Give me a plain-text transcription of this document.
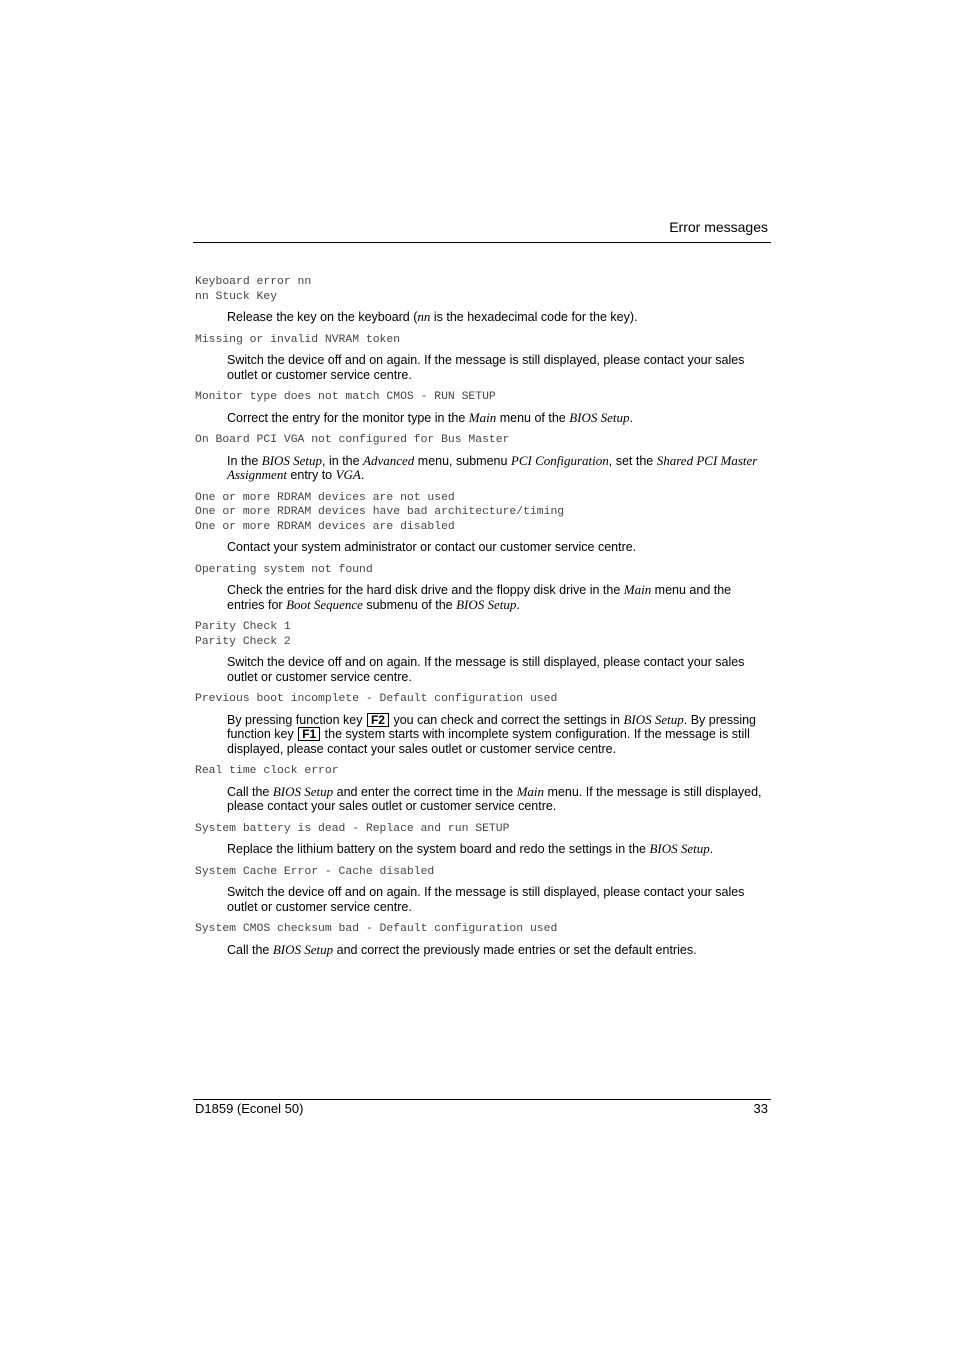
Error messages
Keyboard error nn
nn Stuck Key
Release the key on the keyboard (nn is the hexadecimal code for the key).
Missing or invalid NVRAM token
Switch the device off and on again. If the message is still displayed, please contact your sales outlet or customer service centre.
Monitor type does not match CMOS - RUN SETUP
Correct the entry for the monitor type in the Main menu of the BIOS Setup.
On Board PCI VGA not configured for Bus Master
In the BIOS Setup, in the Advanced menu, submenu PCI Configuration, set the Shared PCI Master Assignment entry to VGA.
One or more RDRAM devices are not used
One or more RDRAM devices have bad architecture/timing
One or more RDRAM devices are disabled
Contact your system administrator or contact our customer service centre.
Operating system not found
Check the entries for the hard disk drive and the floppy disk drive in the Main menu and the entries for Boot Sequence submenu of the BIOS Setup.
Parity Check 1
Parity Check 2
Switch the device off and on again. If the message is still displayed, please contact your sales outlet or customer service centre.
Previous boot incomplete - Default configuration used
By pressing function key F2 you can check and correct the settings in BIOS Setup. By pressing function key F1 the system starts with incomplete system configuration. If the message is still displayed, please contact your sales outlet or customer service centre.
Real time clock error
Call the BIOS Setup and enter the correct time in the Main menu. If the message is still displayed, please contact your sales outlet or customer service centre.
System battery is dead - Replace and run SETUP
Replace the lithium battery on the system board and redo the settings in the BIOS Setup.
System Cache Error - Cache disabled
Switch the device off and on again. If the message is still displayed, please contact your sales outlet or customer service centre.
System CMOS checksum bad - Default configuration used
Call the BIOS Setup and correct the previously made entries or set the default entries.
D1859 (Econel 50)	33
